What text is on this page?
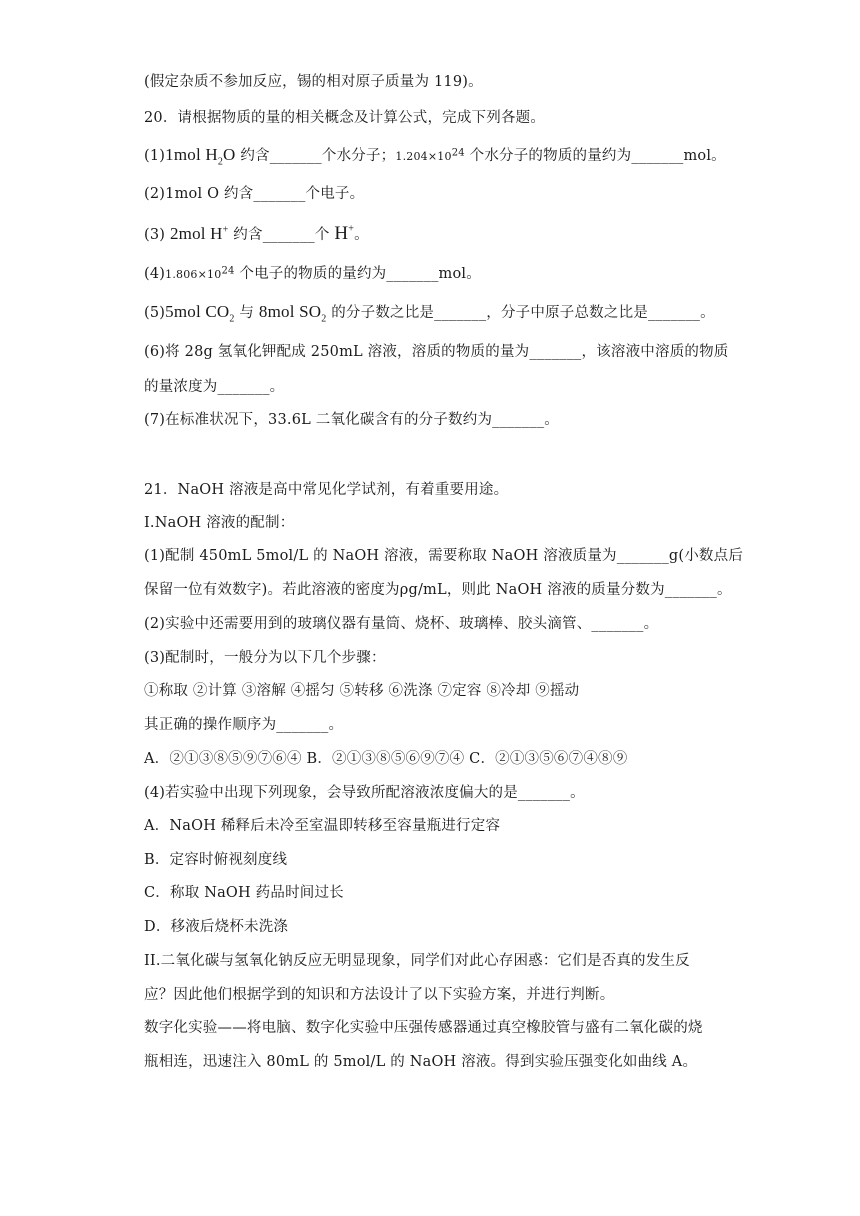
(假定杂质不参加反应，锡的相对原子质量为 119)。
20．请根据物质的量的相关概念及计算公式，完成下列各题。
(1)1mol $H_2O$ 约含_______个水分子；$1.204\times 10^{24}$ 个水分子的物质的量约为_______mol。
(2)1mol O 约含_______个电子。
(3) 2mol H+ 约含_______个 H+。
$(4)1.806\times 10^{24}$ 个电子的物质的量约为_______mol。
(5)5mol $CO_2$ 与 8mol $SO_2$ 的分子数之比是_______，分子中原子总数之比是_______。
(6)将 28g 氢氧化钾配成 250mL 溶液，溶质的物质的量为_______，该溶液中溶质的物质
的量浓度为_______。
(7)在标准状况下，33.6L 二氧化碳含有的分子数约为_______。
21．NaOH 溶液是高中常见化学试剂，有着重要用途。
I.NaOH 溶液的配制：
(1)配制 450mL 5mol/L 的 NaOH 溶液，需要称取 NaOH 溶液质量为_______g(小数点后
保留一位有效数字)。若此溶液的密度为ρg/mL，则此 NaOH 溶液的质量分数为_______。
(2)实验中还需要用到的玻璃仪器有量筒、烧杯、玻璃棒、胶头滴管、_______。
(3)配制时，一般分为以下几个步骤：
①称取 ②计算 ③溶解 ④摇匀 ⑤转移 ⑥洗涤 ⑦定容 ⑧冷却 ⑨摇动
其正确的操作顺序为_______。
A．②①③⑧⑤⑨⑦⑥④ B．②①③⑧⑤⑥⑨⑦④ C．②①③⑤⑥⑦④⑧⑨
(4)若实验中出现下列现象，会导致所配溶液浓度偏大的是_______。
A．NaOH 稀释后未冷至室温即转移至容量瓶进行定容
B．定容时俯视刻度线
C．称取 NaOH 药品时间过长
D．移液后烧杯未洗涤
II.二氧化碳与氢氧化钠反应无明显现象，同学们对此心存困惑：它们是否真的发生反
应？因此他们根据学到的知识和方法设计了以下实验方案，并进行判断。
数字化实验——将电脑、数字化实验中压强传感器通过真空橡胶管与盛有二氧化碳的烧
瓶相连，迅速注入 80mL 的 5mol/L 的 NaOH 溶液。得到实验压强变化如曲线 A。
